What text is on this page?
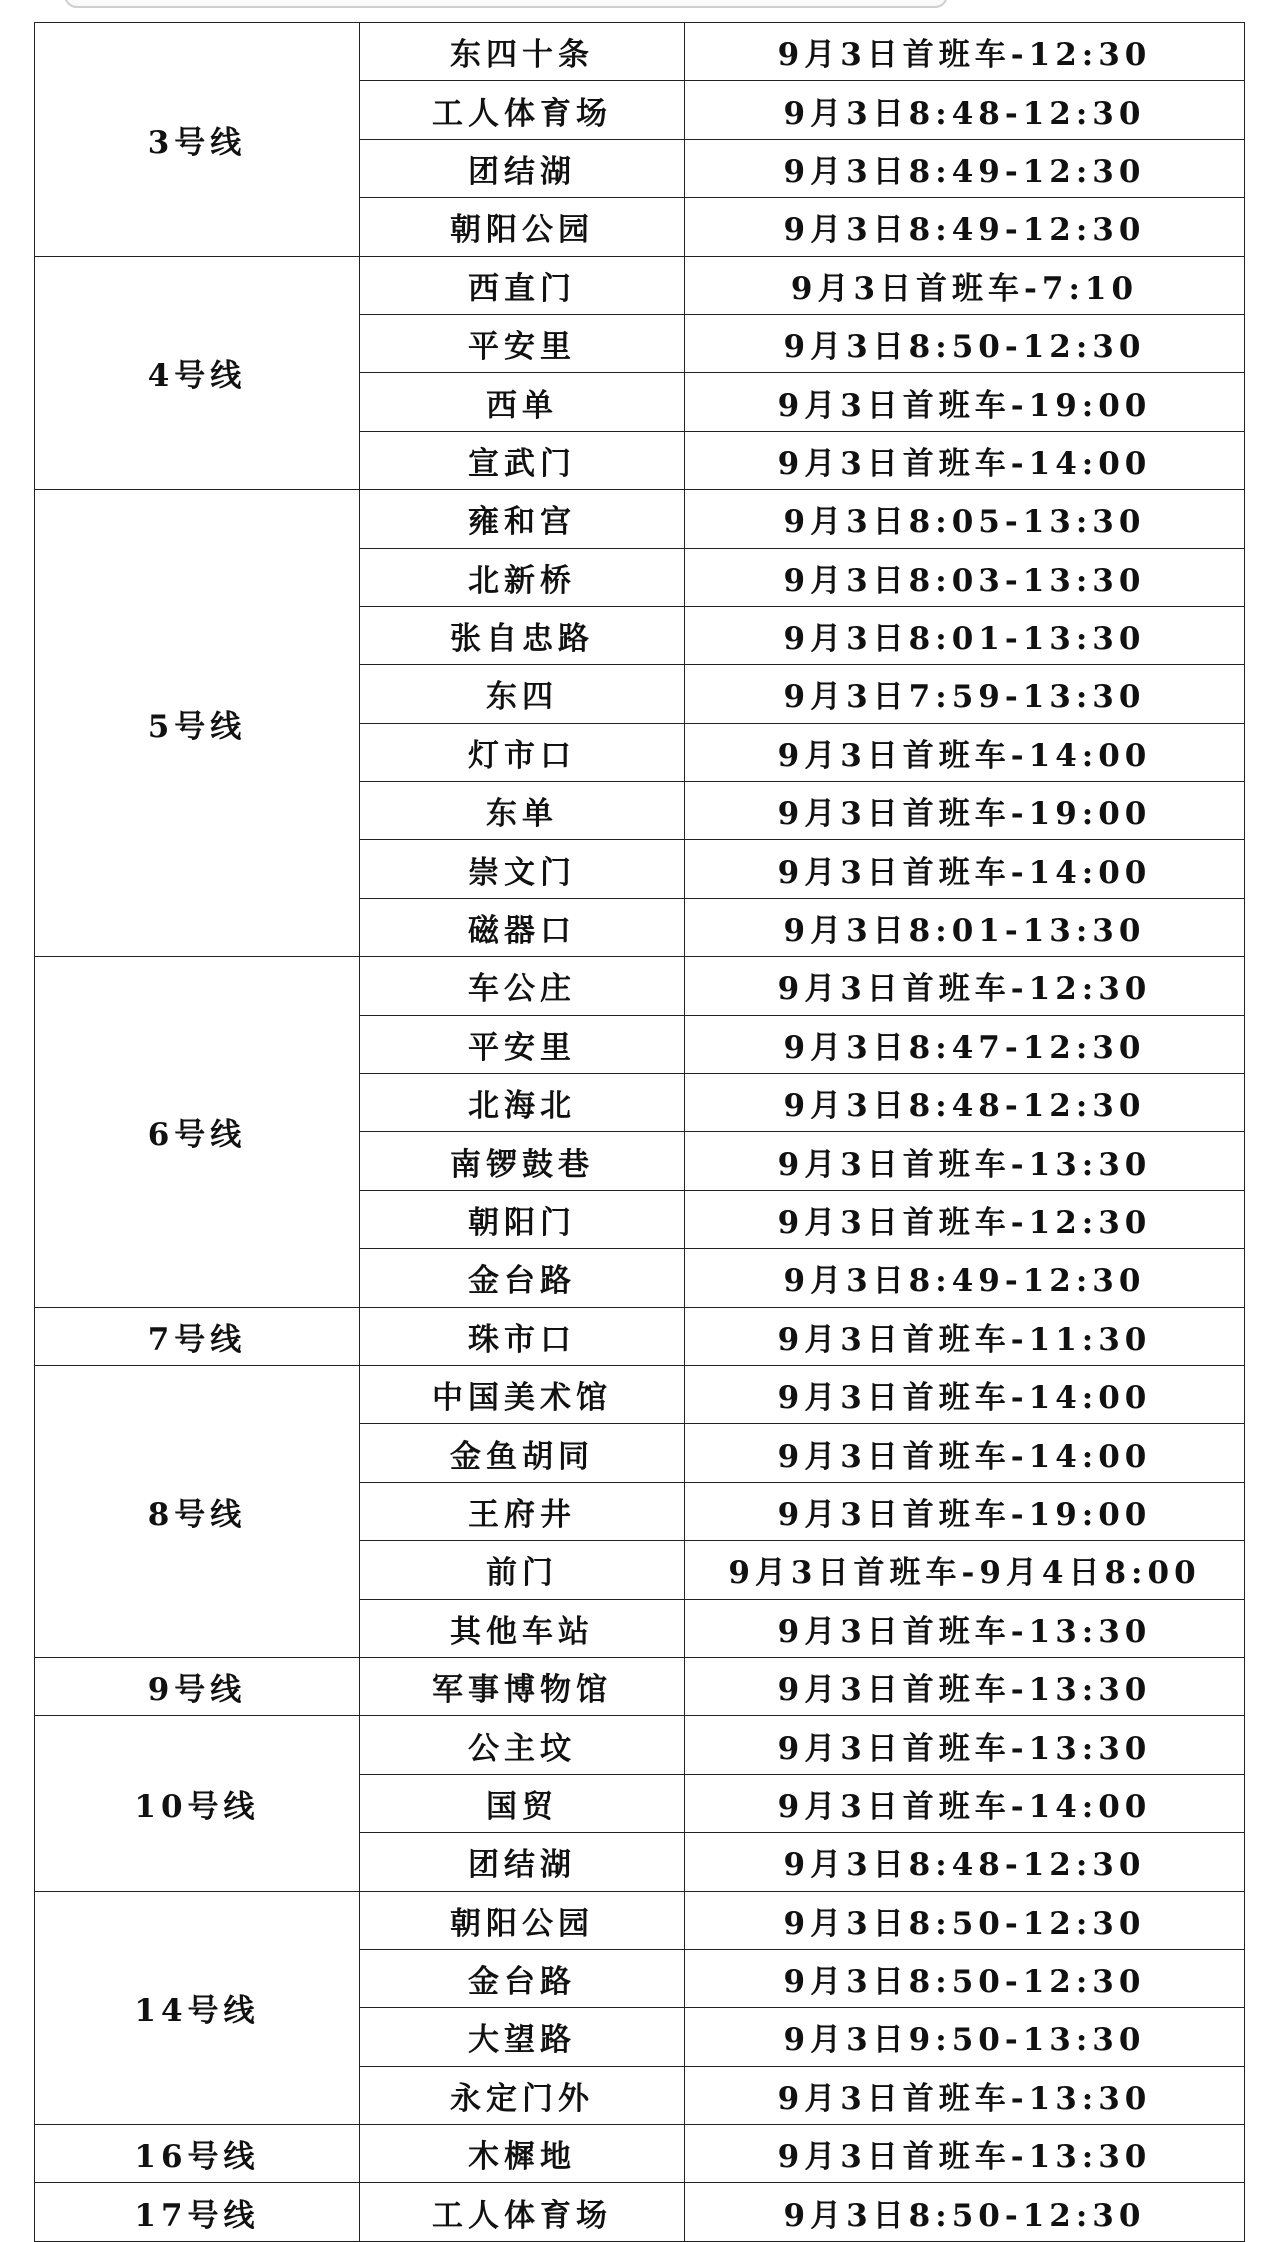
3号线	东四十条	9月3日首班车-12:30
	工人体育场	9月3日8:48-12:30
	团结湖	9月3日8:49-12:30
	朝阳公园	9月3日8:49-12:30
4号线	西直门	9月3日首班车-7:10
	平安里	9月3日8:50-12:30
	西单	9月3日首班车-19:00
	宣武门	9月3日首班车-14:00
5号线	雍和宫	9月3日8:05-13:30
	北新桥	9月3日8:03-13:30
	张自忠路	9月3日8:01-13:30
	东四	9月3日7:59-13:30
	灯市口	9月3日首班车-14:00
	东单	9月3日首班车-19:00
	崇文门	9月3日首班车-14:00
	磁器口	9月3日8:01-13:30
6号线	车公庄	9月3日首班车-12:30
	平安里	9月3日8:47-12:30
	北海北	9月3日8:48-12:30
	南锣鼓巷	9月3日首班车-13:30
	朝阳门	9月3日首班车-12:30
	金台路	9月3日8:49-12:30
7号线	珠市口	9月3日首班车-11:30
8号线	中国美术馆	9月3日首班车-14:00
	金鱼胡同	9月3日首班车-14:00
	王府井	9月3日首班车-19:00
	前门	9月3日首班车-9月4日8:00
	其他车站	9月3日首班车-13:30
9号线	军事博物馆	9月3日首班车-13:30
10号线	公主坟	9月3日首班车-13:30
	国贸	9月3日首班车-14:00
	团结湖	9月3日8:48-12:30
14号线	朝阳公园	9月3日8:50-12:30
	金台路	9月3日8:50-12:30
	大望路	9月3日9:50-13:30
	永定门外	9月3日首班车-13:30
16号线	木樨地	9月3日首班车-13:30
17号线	工人体育场	9月3日8:50-12:30
